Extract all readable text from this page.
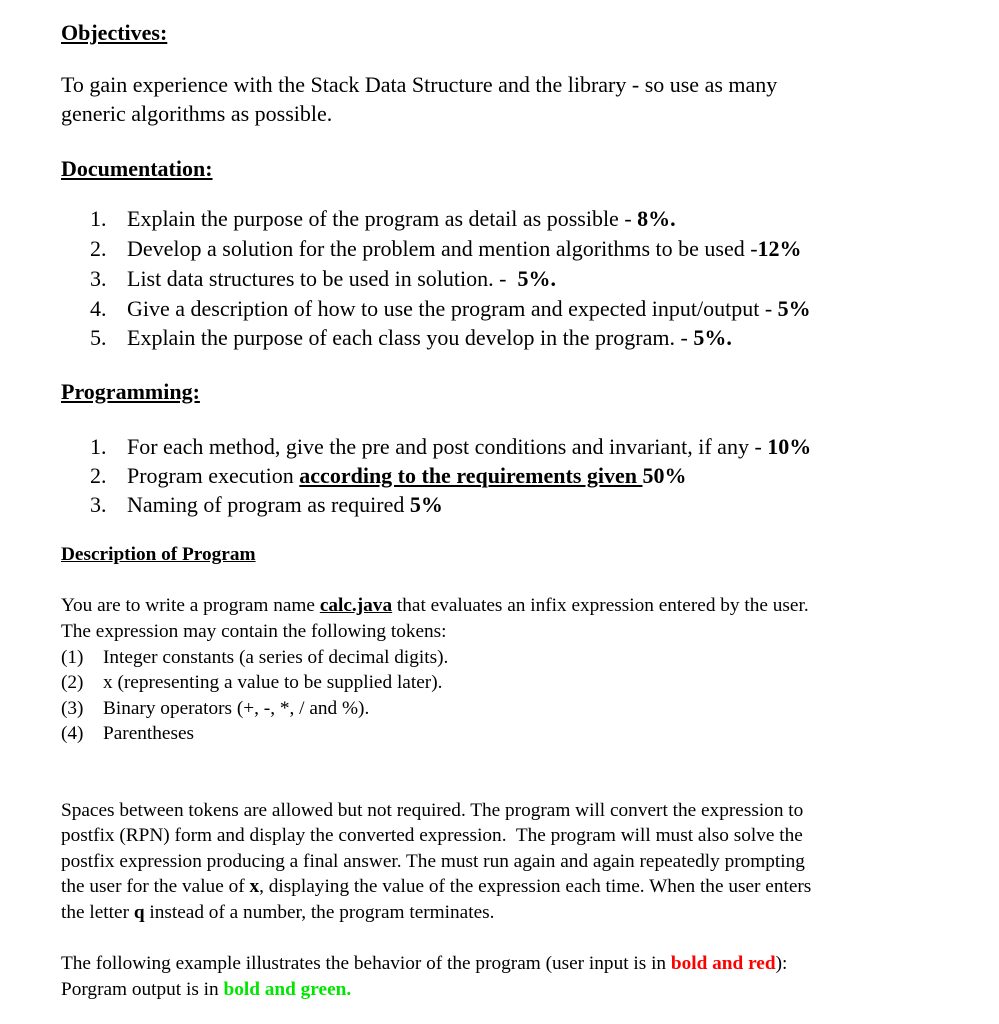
Objectives:
To gain experience with the Stack Data Structure and the library - so use as many
generic algorithms as possible.
Documentation:
1. Explain the purpose of the program as detail as possible - 8%.
2. Develop a solution for the problem and mention algorithms to be used -12%
3. List data structures to be used in solution. -  5%.
4. Give a description of how to use the program and expected input/output - 5%
5. Explain the purpose of each class you develop in the program. - 5%.
Programming:
1. For each method, give the pre and post conditions and invariant, if any - 10%
2. Program execution according to the requirements given 50%
3. Naming of program as required 5%
Description of Program
You are to write a program name calc.java that evaluates an infix expression entered by the user.
The expression may contain the following tokens:
(1) Integer constants (a series of decimal digits).
(2) x (representing a value to be supplied later).
(3) Binary operators (+, -, *, / and %).
(4) Parentheses
Spaces between tokens are allowed but not required. The program will convert the expression to
postfix (RPN) form and display the converted expression.  The program will must also solve the
postfix expression producing a final answer. The must run again and again repeatedly prompting
the user for the value of x, displaying the value of the expression each time. When the user enters
the letter q instead of a number, the program terminates.
The following example illustrates the behavior of the program (user input is in bold and red):
Porgram output is in bold and green.
